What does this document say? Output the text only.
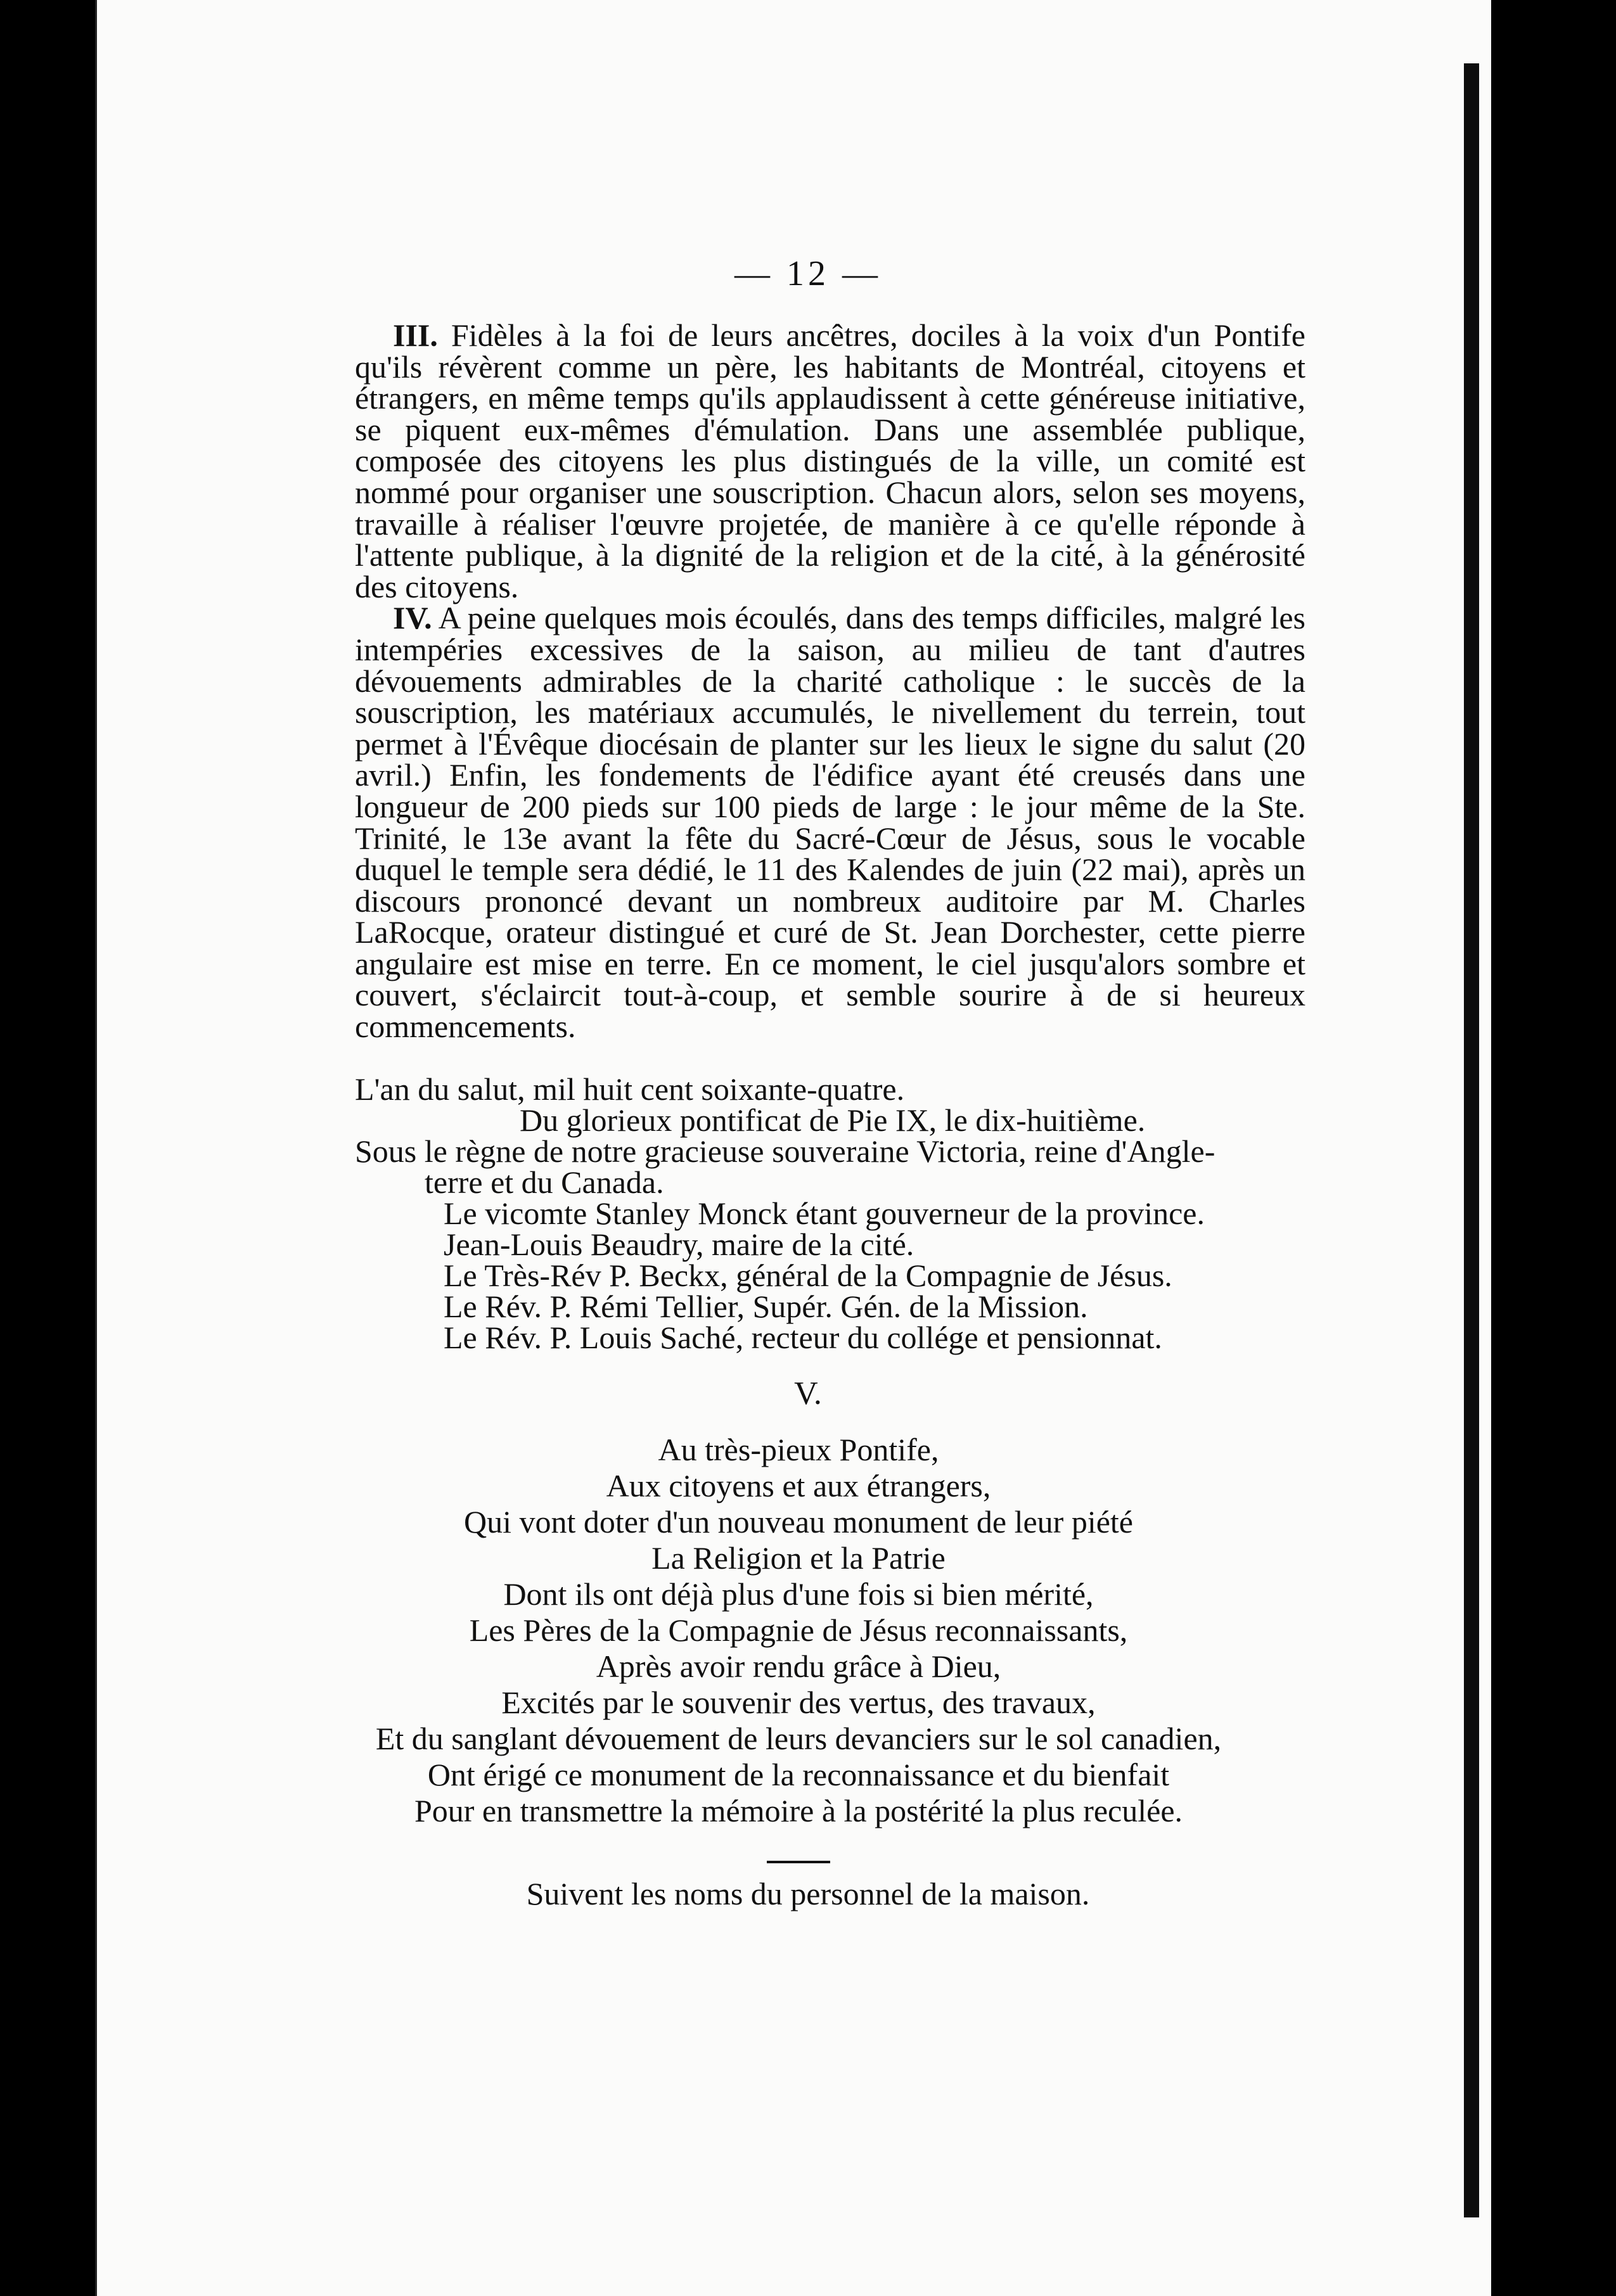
— 12 —

III. Fidèles à la foi de leurs ancêtres, dociles à la voix d'un Pontife qu'ils révèrent comme un père, les habitants de Montréal, citoyens et étrangers, en même temps qu'ils applaudissent à cette généreuse initiative, se piquent eux-mêmes d'émulation. Dans une assemblée publique, composée des citoyens les plus distingués de la ville, un comité est nommé pour organiser une souscription. Chacun alors, selon ses moyens, travaille à réaliser l'œuvre projetée, de manière à ce qu'elle réponde à l'attente publique, à la dignité de la religion et de la cité, à la générosité des citoyens.

IV. A peine quelques mois écoulés, dans des temps difficiles, malgré les intempéries excessives de la saison, au milieu de tant d'autres dévouements admirables de la charité catholique : le succès de la souscription, les matériaux accumulés, le nivellement du terrein, tout permet à l'Évêque diocésain de planter sur les lieux le signe du salut (20 avril.) Enfin, les fondements de l'édifice ayant été creusés dans une longueur de 200 pieds sur 100 pieds de large : le jour même de la Ste. Trinité, le 13e avant la fête du Sacré-Cœur de Jésus, sous le vocable duquel le temple sera dédié, le 11 des Kalendes de juin (22 mai), après un discours prononcé devant un nombreux auditoire par M. Charles LaRocque, orateur distingué et curé de St. Jean Dorchester, cette pierre angulaire est mise en terre. En ce moment, le ciel jusqu'alors sombre et couvert, s'éclaircit tout-à-coup, et semble sourire à de si heureux commencements.

L'an du salut, mil huit cent soixante-quatre.
Du glorieux pontificat de Pie IX, le dix-huitième.
Sous le règne de notre gracieuse souveraine Victoria, reine d'Angle-
terre et du Canada.
Le vicomte Stanley Monck étant gouverneur de la province.
Jean-Louis Beaudry, maire de la cité.
Le Très-Rév P. Beckx, général de la Compagnie de Jésus.
Le Rév. P. Rémi Tellier, Supér. Gén. de la Mission.
Le Rév. P. Louis Saché, recteur du collége et pensionnat.
V.
Au très-pieux Pontife,
Aux citoyens et aux étrangers,
Qui vont doter d'un nouveau monument de leur piété
La Religion et la Patrie
Dont ils ont déjà plus d'une fois si bien mérité,
Les Pères de la Compagnie de Jésus reconnaissants,
Après avoir rendu grâce à Dieu,
Excités par le souvenir des vertus, des travaux,
Et du sanglant dévouement de leurs devanciers sur le sol canadien,
Ont érigé ce monument de la reconnaissance et du bienfait
Pour en transmettre la mémoire à la postérité la plus reculée.
Suivent les noms du personnel de la maison.
